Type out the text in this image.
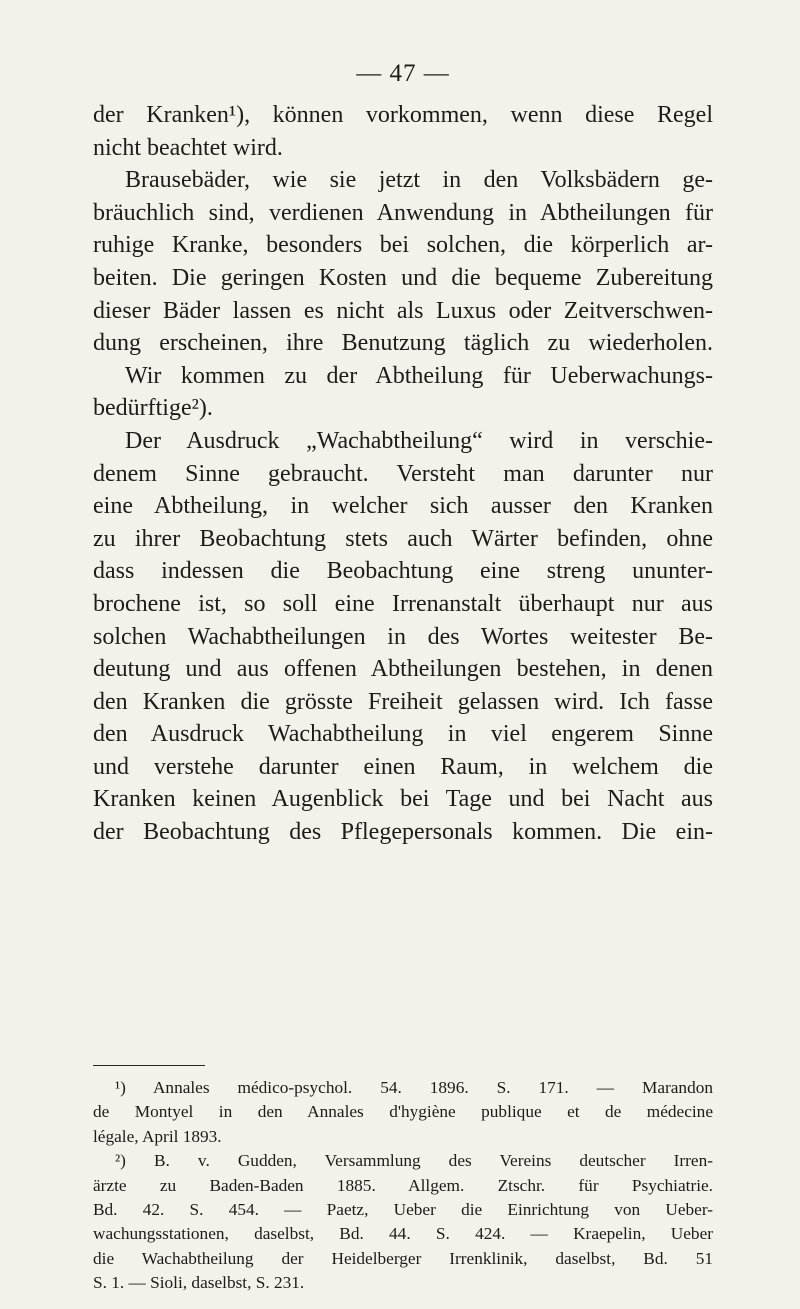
— 47 —
der Kranken¹), können vorkommen, wenn diese Regel
nicht beachtet wird.
Brausebäder, wie sie jetzt in den Volksbädern ge-
bräuchlich sind, verdienen Anwendung in Abtheilungen für
ruhige Kranke, besonders bei solchen, die körperlich ar-
beiten. Die geringen Kosten und die bequeme Zubereitung
dieser Bäder lassen es nicht als Luxus oder Zeitverschwen-
dung erscheinen, ihre Benutzung täglich zu wiederholen.
Wir kommen zu der Abtheilung für Ueberwachungs-
bedürftige²).
Der Ausdruck „Wachabtheilung“ wird in verschie-
denem Sinne gebraucht. Versteht man darunter nur
eine Abtheilung, in welcher sich ausser den Kranken
zu ihrer Beobachtung stets auch Wärter befinden, ohne
dass indessen die Beobachtung eine streng ununter-
brochene ist, so soll eine Irrenanstalt überhaupt nur aus
solchen Wachabtheilungen in des Wortes weitester Be-
deutung und aus offenen Abtheilungen bestehen, in denen
den Kranken die grösste Freiheit gelassen wird. Ich fasse
den Ausdruck Wachabtheilung in viel engerem Sinne
und verstehe darunter einen Raum, in welchem die
Kranken keinen Augenblick bei Tage und bei Nacht aus
der Beobachtung des Pflegepersonals kommen. Die ein-
¹) Annales médico-psychol. 54. 1896. S. 171. — Marandon
de Montyel in den Annales d'hygiène publique et de médecine
légale, April 1893.
²) B. v. Gudden, Versammlung des Vereins deutscher Irren-
ärzte zu Baden-Baden 1885. Allgem. Ztschr. für Psychiatrie.
Bd. 42. S. 454. — Paetz, Ueber die Einrichtung von Ueber-
wachungsstationen, daselbst, Bd. 44. S. 424. — Kraepelin, Ueber
die Wachabtheilung der Heidelberger Irrenklinik, daselbst, Bd. 51
S. 1. — Sioli, daselbst, S. 231.
